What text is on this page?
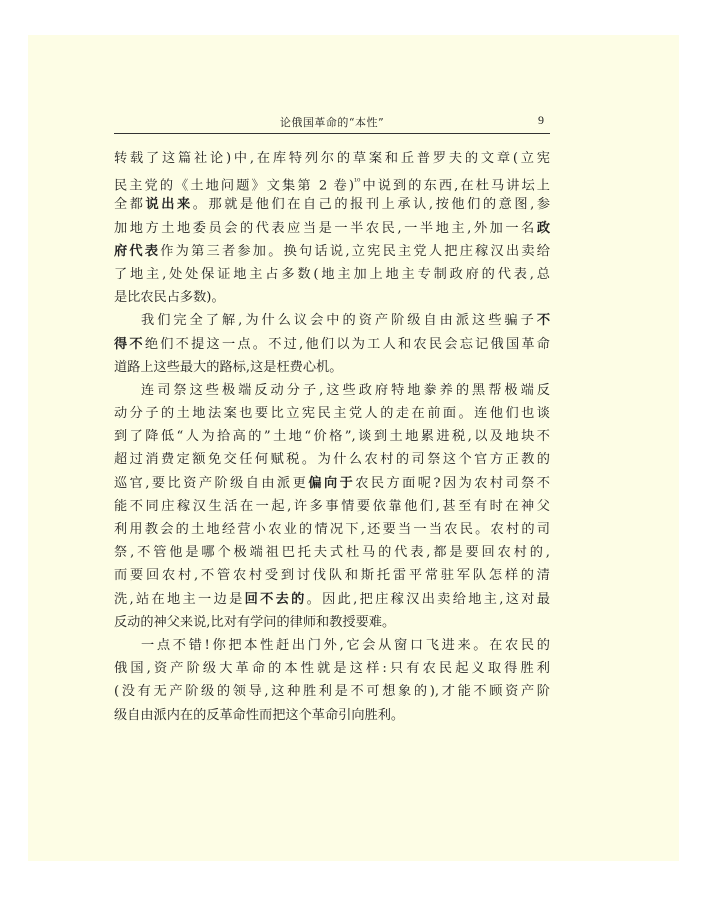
论俄国革命的“本性”	9
转载了这篇社论)中,在库特列尔的草案和丘普罗夫的文章(立宪
民主党的《土地问题》文集第 2 卷)$^{^{10}}$中说到的东西,在杜马讲坛上
全都说出来。那就是他们在自己的报刊上承认,按他们的意图,参
加地方土地委员会的代表应当是一半农民,一半地主,外加一名政
府代表作为第三者参加。换句话说,立宪民主党人把庄稼汉出卖给
了地主,处处保证地主占多数(地主加上地主专制政府的代表,总
是比农民占多数)。
我们完全了解,为什么议会中的资产阶级自由派这些骗子不
得不绝们不提这一点。不过,他们以为工人和农民会忘记俄国革命
道路上这些最大的路标,这是枉费心机。
连司祭这些极端反动分子,这些政府特地豢养的黑帮极端反
动分子的土地法案也要比立宪民主党人的走在前面。连他们也谈
到了降低“人为拾高的”土地“价格”,谈到土地累进税,以及地块不
超过消费定额免交任何赋税。为什么农村的司祭这个官方正教的
巡官,要比资产阶级自由派更偏向于农民方面呢?因为农村司祭不
能不同庄稼汉生活在一起,许多事情要依靠他们,甚至有时在神父
利用教会的土地经营小农业的情况下,还要当一当农民。农村的司
祭,不管他是哪个极端祖巴托夫式杜马的代表,都是要回农村的,
而要回农村,不管农村受到讨伐队和斯托雷平常驻军队怎样的清
洗,站在地主一边是回不去的。因此,把庄稼汉出卖给地主,这对最
反动的神父来说,比对有学问的律师和教授要难。
一点不错!你把本性赶出门外,它会从窗口飞进来。在农民的
俄国,资产阶级大革命的本性就是这样:只有农民起义取得胜利
(没有无产阶级的领导,这种胜利是不可想象的),才能不顾资产阶
级自由派内在的反革命性而把这个革命引向胜利。
